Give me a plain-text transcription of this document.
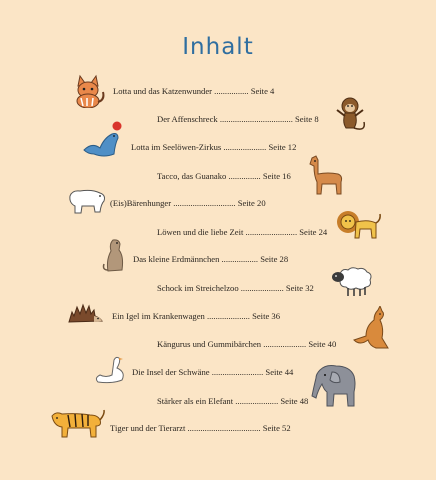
Inhalt
Lotta und das Katzenwunder ................ Seite 4
Der Affenschreck .................................. Seite 8
Lotta im Seelöwen-Zirkus .................... Seite 12
Tacco, das Guanako ............... Seite 16
(Eis)Bärenhunger ............................. Seite 20
Löwen und die liebe Zeit ........................ Seite 24
Das kleine Erdmännchen ................. Seite 28
Schock im Streichelzoo .................... Seite 32
Ein Igel im Krankenwagen .................... Seite 36
Kängurus und Gummibärchen .................... Seite 40
Die Insel der Schwäne ........................ Seite 44
Stärker als ein Elefant .................... Seite 48
Tiger und der Tierarzt .................................. Seite 52
